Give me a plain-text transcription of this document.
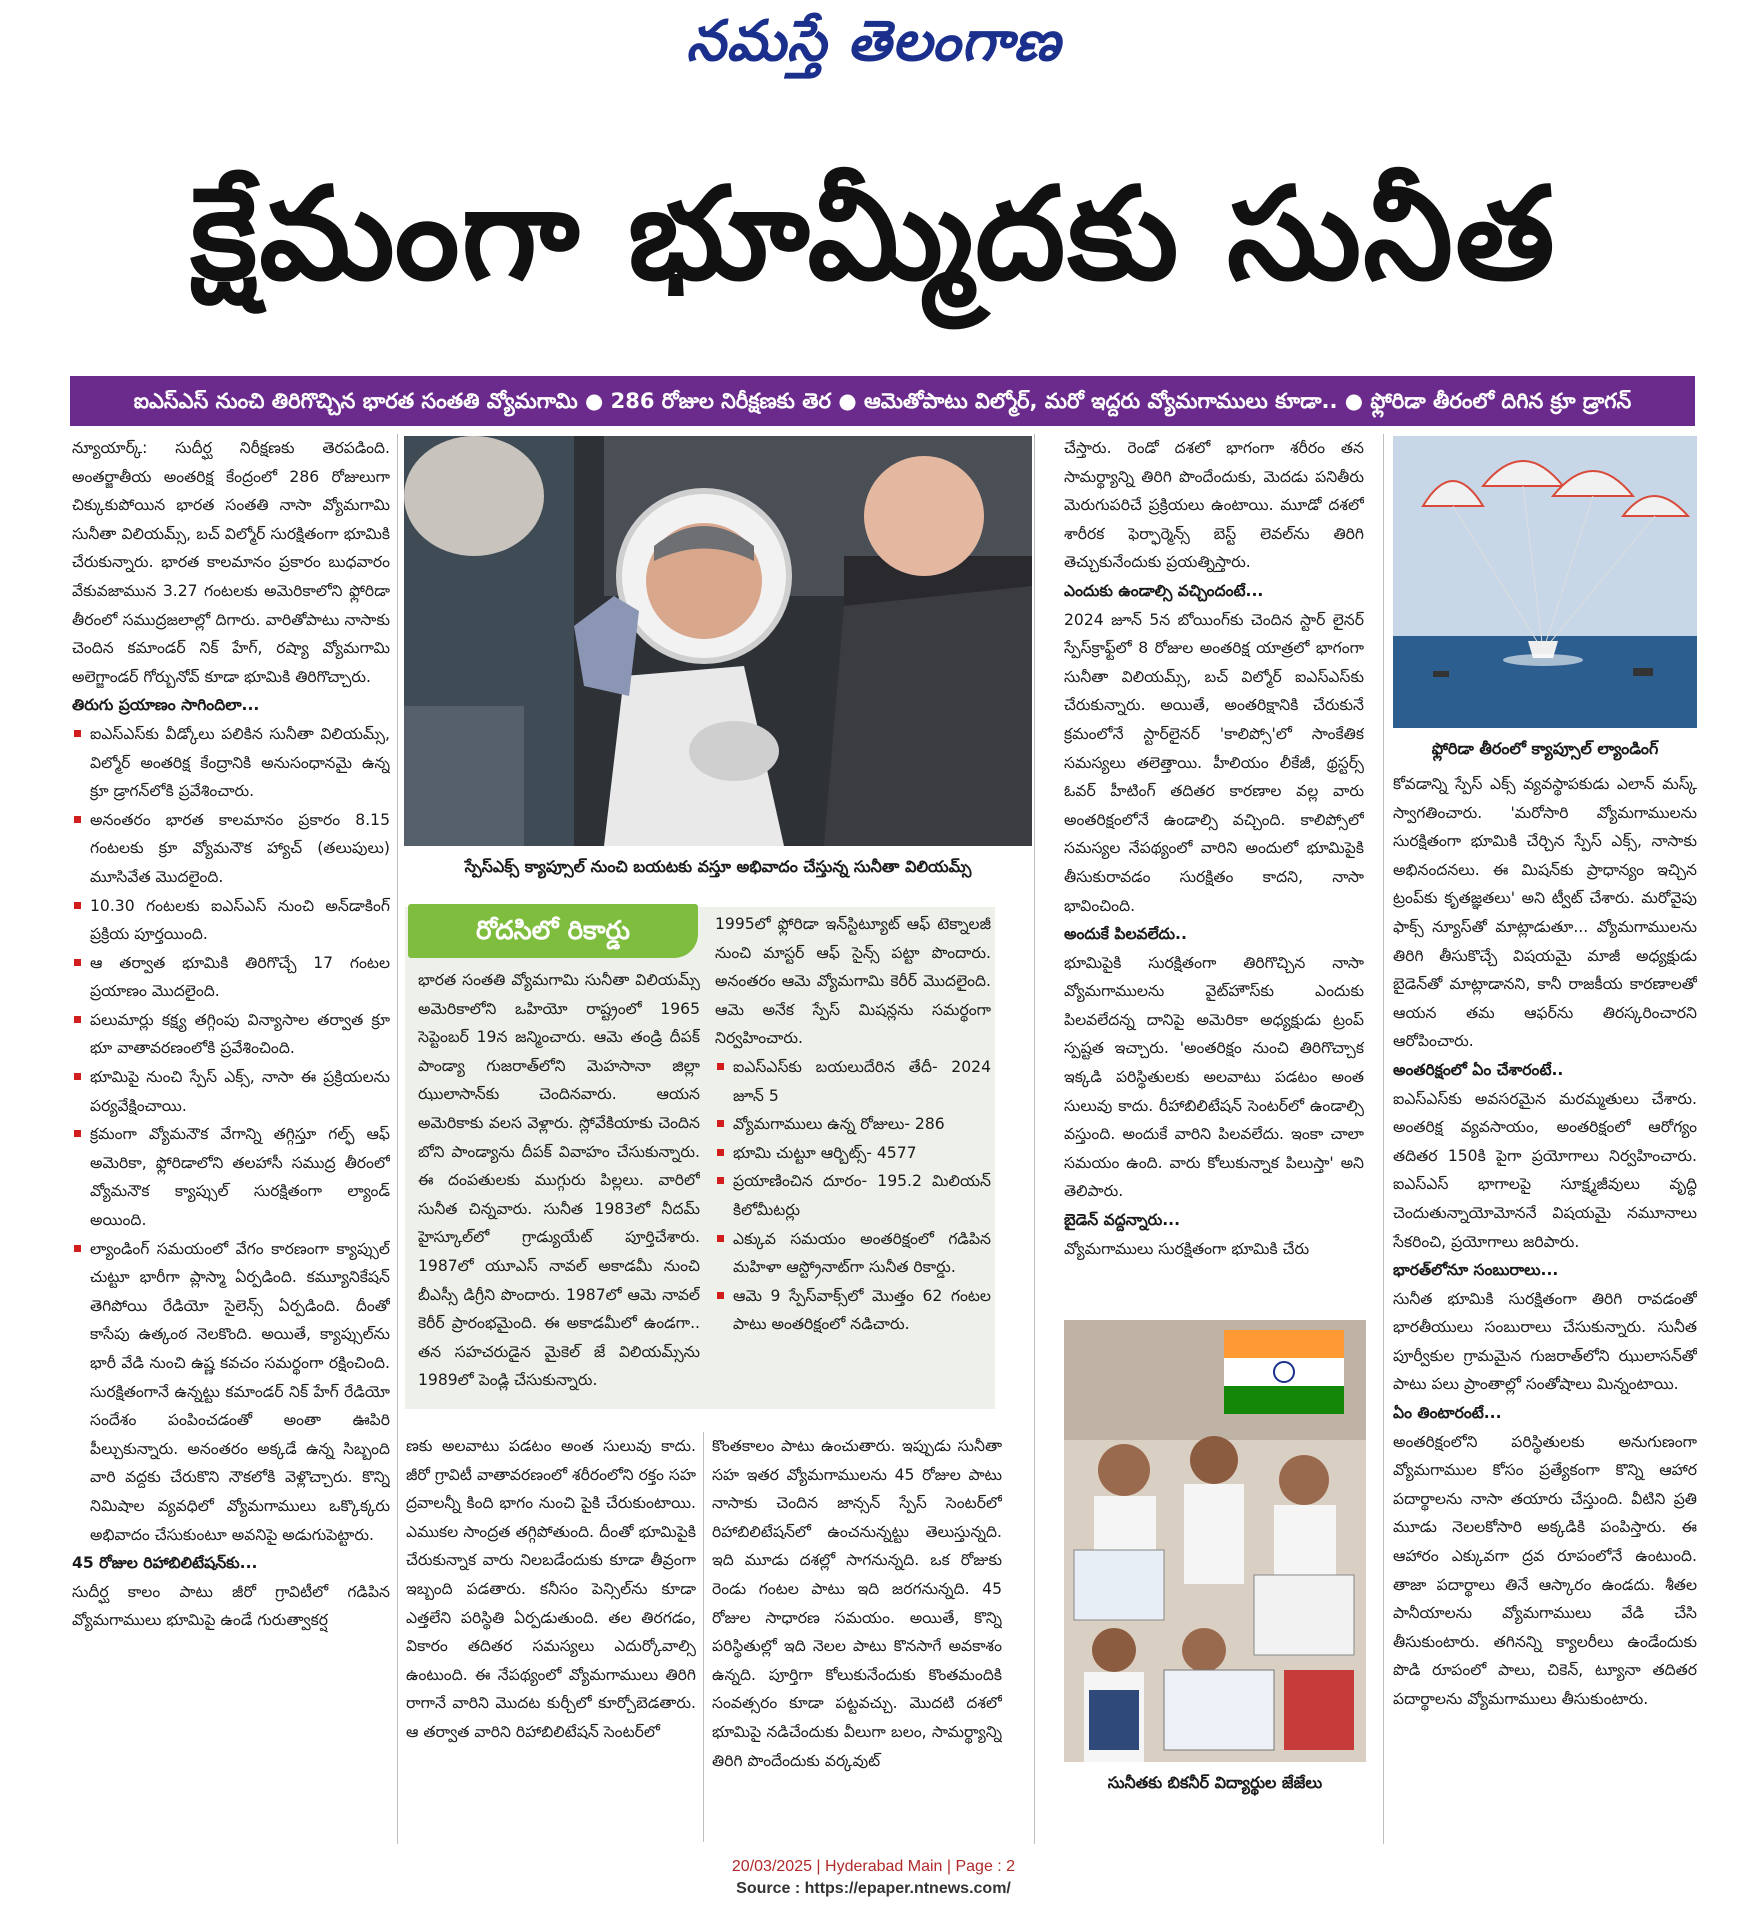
నమస్తే తెలంగాణ
క్షేమంగా భూమ్మీదకు సునీత
ఐఎస్ఎస్ నుంచి తిరిగొచ్చిన భారత సంతతి వ్యోమగామి ● 286 రోజుల నిరీక్షణకు తెర ● ఆమెతోపాటు విల్మోర్, మరో ఇద్దరు వ్యోమగాములు కూడా.. ● ఫ్లోరిడా తీరంలో దిగిన క్రూ డ్రాగన్

న్యూయార్క్: సుదీర్ఘ నిరీక్షణకు తెరపడింది. అంతర్జాతీయ అంతరిక్ష కేంద్రంలో 286 రోజులుగా చిక్కుకుపోయిన భారత సంతతి నాసా వ్యోమగామి సునీతా విలియమ్స్, బచ్ విల్మోర్ సురక్షితంగా భూమికి చేరుకున్నారు. భారత కాలమానం ప్రకారం బుధవారం వేకువజామున 3.27 గంటలకు అమెరికాలోని ఫ్లోరిడా తీరంలో సముద్రజలాల్లో దిగారు. వారితోపాటు నాసాకు చెందిన కమాండర్ నిక్ హేగ్, రష్యా వ్యోమగామి అలెగ్జాండర్ గోర్బునోవ్ కూడా భూమికి తిరిగొచ్చారు.

తిరుగు ప్రయాణం సాగిందిలా...

ఐఎస్ఎస్‌కు వీడ్కోలు పలికిన సునీతా విలియమ్స్, విల్మోర్ అంతరిక్ష కేంద్రానికి అనుసంధానమై ఉన్న క్రూ డ్రాగన్‌లోకి ప్రవేశించారు.

అనంతరం భారత కాలమానం ప్రకారం 8.15 గంటలకు క్రూ వ్యోమనౌక హ్యాచ్ (తలుపులు) మూసివేత మొదలైంది.

10.30 గంటలకు ఐఎస్ఎస్ నుంచి అన్‌డాకింగ్ ప్రక్రియ పూర్తయింది.

ఆ తర్వాత భూమికి తిరిగొచ్చే 17 గంటల ప్రయాణం మొదలైంది.

పలుమార్లు కక్ష్య తగ్గింపు విన్యాసాల తర్వాత క్రూ భూ వాతావరణంలోకి ప్రవేశించింది.

భూమిపై నుంచి స్పేస్ ఎక్స్, నాసా ఈ ప్రక్రియలను పర్యవేక్షించాయి.

క్రమంగా వ్యోమనౌక వేగాన్ని తగ్గిస్తూ గల్ఫ్ ఆఫ్ అమెరికా, ఫ్లోరిడాలోని తలహాసీ సముద్ర తీరంలో వ్యోమనౌక క్యాప్సుల్ సురక్షితంగా ల్యాండ్ అయింది.

ల్యాండింగ్ సమయంలో వేగం కారణంగా క్యాప్సుల్ చుట్టూ భారీగా ప్లాస్మా ఏర్పడింది. కమ్యూనికేషన్ తెగిపోయి రేడియో సైలెన్స్ ఏర్పడింది. దీంతో కాసేపు ఉత్కంఠ నెలకొంది. అయితే, క్యాప్సుల్‌ను భారీ వేడి నుంచి ఉష్ణ కవచం సమర్థంగా రక్షించింది. సురక్షితంగానే ఉన్నట్టు కమాండర్ నిక్ హేగ్ రేడియో సందేశం పంపించడంతో అంతా ఊపిరి పీల్చుకున్నారు. అనంతరం అక్కడే ఉన్న సిబ్బంది వారి వద్దకు చేరుకొని నౌకలోకి వెళ్లొచ్చారు. కొన్ని నిమిషాల వ్యవధిలో వ్యోమగాములు ఒక్కొక్కరు అభివాదం చేసుకుంటూ అవనిపై అడుగుపెట్టారు.

45 రోజుల రిహాబిలిటేషన్‌కు...

సుదీర్ఘ కాలం పాటు జీరో గ్రావిటీలో గడిపిన వ్యోమగాములు భూమిపై ఉండే గురుత్వాకర్ష

స్పేస్ఎక్స్ క్యాప్సూల్ నుంచి బయటకు వస్తూ అభివాదం చేస్తున్న సునీతా విలియమ్స్
రోదసిలో రికార్డు

భారత సంతతి వ్యోమగామి సునీతా విలియమ్స్ అమెరికాలోని ఒహియో రాష్ట్రంలో 1965 సెప్టెంబర్ 19న జన్మించారు. ఆమె తండ్రి దీపక్ పాండ్యా గుజరాత్‌లోని మెహసానా జిల్లా ఝులాసాన్‌కు చెందినవారు. ఆయన అమెరికాకు వలస వెళ్లారు. స్లోవేకియాకు చెందిన బోని పాండ్యాను దీపక్ వివాహం చేసుకున్నారు. ఈ దంపతులకు ముగ్గురు పిల్లలు. వారిలో సునీత చిన్నవారు. సునీత 1983లో నీదమ్ హైస్కూల్‌లో గ్రాడ్యుయేట్ పూర్తిచేశారు. 1987లో యూఎస్ నావల్ అకాడమీ నుంచి బీఎస్సీ డిగ్రీని పొందారు. 1987లో ఆమె నావల్ కెరీర్ ప్రారంభమైంది. ఈ అకాడమీలో ఉండగా.. తన సహచరుడైన మైకెల్ జే విలియమ్స్‌ను 1989లో పెండ్లి చేసుకున్నారు.

1995లో ఫ్లోరిడా ఇన్‌స్టిట్యూట్ ఆఫ్ టెక్నాలజీ నుంచి మాస్టర్ ఆఫ్ సైన్స్ పట్టా పొందారు. అనంతరం ఆమె వ్యోమగామి కెరీర్ మొదలైంది. ఆమె అనేక స్పేస్ మిషన్లను సమర్థంగా నిర్వహించారు.

ఐఎస్ఎస్‌కు బయలుదేరిన తేదీ- 2024 జూన్ 5

వ్యోమగాములు ఉన్న రోజులు- 286

భూమి చుట్టూ ఆర్బిట్స్- 4577

ప్రయాణించిన దూరం- 195.2 మిలియన్ కిలోమీటర్లు

ఎక్కువ సమయం అంతరిక్షంలో గడిపిన మహిళా ఆస్ట్రోనాట్‌గా సునీత రికార్డు.

ఆమె 9 స్పేస్‌వాక్స్‌లో మొత్తం 62 గంటల పాటు అంతరిక్షంలో నడిచారు.

ణకు అలవాటు పడటం అంత సులువు కాదు. జీరో గ్రావిటీ వాతావరణంలో శరీరంలోని రక్తం సహ ద్రవాలన్నీ కింది భాగం నుంచి పైకి చేరుకుంటాయి. ఎముకల సాంద్రత తగ్గిపోతుంది. దీంతో భూమిపైకి చేరుకున్నాక వారు నిలబడేందుకు కూడా తీవ్రంగా ఇబ్బంది పడతారు. కనీసం పెన్సిల్‌ను కూడా ఎత్తలేని పరిస్థితి ఏర్పడుతుంది. తల తిరగడం, వికారం తదితర సమస్యలు ఎదుర్కోవాల్సి ఉంటుంది. ఈ నేపథ్యంలో వ్యోమగాములు తిరిగి రాగానే వారిని మొదట కుర్చీలో కూర్చోబెడతారు. ఆ తర్వాత వారిని రిహాబిలిటేషన్ సెంటర్‌లో

కొంతకాలం పాటు ఉంచుతారు. ఇప్పుడు సునీతా సహ ఇతర వ్యోమగాములను 45 రోజుల పాటు నాసాకు చెందిన జాన్సన్ స్పేస్ సెంటర్‌లో రిహాబిలిటేషన్‌లో ఉంచనున్నట్టు తెలుస్తున్నది. ఇది మూడు దశల్లో సాగనున్నది. ఒక రోజుకు రెండు గంటల పాటు ఇది జరగనున్నది. 45 రోజుల సాధారణ సమయం. అయితే, కొన్ని పరిస్థితుల్లో ఇది నెలల పాటు కొనసాగే అవకాశం ఉన్నది. పూర్తిగా కోలుకునేందుకు కొంతమందికి సంవత్సరం కూడా పట్టవచ్చు. మొదటి దశలో భూమిపై నడిచేందుకు వీలుగా బలం, సామర్థ్యాన్ని తిరిగి పొందేందుకు వర్కవుట్

చేస్తారు. రెండో దశలో భాగంగా శరీరం తన సామర్థ్యాన్ని తిరిగి పొందేందుకు, మెదడు పనితీరు మెరుగుపరిచే ప్రక్రియలు ఉంటాయి. మూడో దశలో శారీరక ఫెర్ఫార్మెన్స్ బెస్ట్ లెవల్‌ను తిరిగి తెచ్చుకునేందుకు ప్రయత్నిస్తారు.

ఎందుకు ఉండాల్సి వచ్చిందంటే...

2024 జూన్ 5న బోయింగ్‌కు చెందిన స్టార్ లైనర్ స్పేస్‌క్రాఫ్ట్‌లో 8 రోజుల అంతరిక్ష యాత్రలో భాగంగా సునీతా విలియమ్స్, బచ్ విల్మోర్ ఐఎస్ఎస్‌కు చేరుకున్నారు. అయితే, అంతరిక్షానికి చేరుకునే క్రమంలోనే స్టార్‌లైనర్ 'కాలిప్సో'లో సాంకేతిక సమస్యలు తలెత్తాయి. హీలియం లీకేజీ, థ్రస్టర్స్ ఓవర్ హీటింగ్ తదితర కారణాల వల్ల వారు అంతరిక్షంలోనే ఉండాల్సి వచ్చింది. కాలిప్సోలో సమస్యల నేపథ్యంలో వారిని అందులో భూమిపైకి తీసుకురావడం సురక్షితం కాదని, నాసా భావించింది.

అందుకే పిలవలేదు..

భూమిపైకి సురక్షితంగా తిరిగొచ్చిన నాసా వ్యోమగాములను వైట్‌హౌస్‌కు ఎందుకు పిలవలేదన్న దానిపై అమెరికా అధ్యక్షుడు ట్రంప్ స్పష్టత ఇచ్చారు. 'అంతరిక్షం నుంచి తిరిగొచ్చాక ఇక్కడి పరిస్థితులకు అలవాటు పడటం అంత సులువు కాదు. రీహాబిలిటేషన్ సెంటర్‌లో ఉండాల్సి వస్తుంది. అందుకే వారిని పిలవలేదు. ఇంకా చాలా సమయం ఉంది. వారు కోలుకున్నాక పిలుస్తా' అని తెలిపారు.

బైడెన్ వద్దన్నారు...

వ్యోమగాములు సురక్షితంగా భూమికి చేరు

సునీతకు బికనీర్ విద్యార్థుల జేజేలు
ఫ్లోరిడా తీరంలో క్యాప్సూల్ ల్యాండింగ్

కోవడాన్ని స్పేస్ ఎక్స్ వ్యవస్థాపకుడు ఎలాన్ మస్క్ స్వాగతించారు. 'మరోసారి వ్యోమగాములను సురక్షితంగా భూమికి చేర్చిన స్పేస్ ఎక్స్, నాసాకు అభినందనలు. ఈ మిషన్‌కు ప్రాధాన్యం ఇచ్చిన ట్రంప్‌కు కృతజ్ఞతలు' అని ట్వీట్ చేశారు. మరోవైపు ఫాక్స్ న్యూస్‌తో మాట్లాడుతూ... వ్యోమగాములను తిరిగి తీసుకొచ్చే విషయమై మాజీ అధ్యక్షుడు బైడెన్‌తో మాట్లాడానని, కానీ రాజకీయ కారణాలతో ఆయన తమ ఆఫర్‌ను తిరస్కరించారని ఆరోపించారు.

అంతరిక్షంలో ఏం చేశారంటే..

ఐఎస్ఎస్‌కు అవసరమైన మరమ్మతులు చేశారు. అంతరిక్ష వ్యవసాయం, అంతరిక్షంలో ఆరోగ్యం తదితర 150కి పైగా ప్రయోగాలు నిర్వహించారు. ఐఎస్ఎస్ భాగాలపై సూక్ష్మజీవులు వృద్ధి చెందుతున్నాయోమోననే విషయమై నమూనాలు సేకరించి, ప్రయోగాలు జరిపారు.

భారత్‌లోనూ సంబురాలు...

సునీత భూమికి సురక్షితంగా తిరిగి రావడంతో భారతీయులు సంబురాలు చేసుకున్నారు. సునీత పూర్వీకుల గ్రామమైన గుజరాత్‌లోని ఝులాసన్‌తో పాటు పలు ప్రాంతాల్లో సంతోషాలు మిన్నంటాయి.

ఏం తింటారంటే...

అంతరిక్షంలోని పరిస్థితులకు అనుగుణంగా వ్యోమగాముల కోసం ప్రత్యేకంగా కొన్ని ఆహార పదార్థాలను నాసా తయారు చేస్తుంది. వీటిని ప్రతి మూడు నెలలకోసారి అక్కడికి పంపిస్తారు. ఈ ఆహారం ఎక్కువగా ద్రవ రూపంలోనే ఉంటుంది. తాజా పదార్థాలు తినే ఆస్కారం ఉండదు. శీతల పానీయాలను వ్యోమగాములు వేడి చేసి తీసుకుంటారు. తగినన్ని క్యాలరీలు ఉండేందుకు పొడి రూపంలో పాలు, చికెన్, ట్యూనా తదితర పదార్థాలను వ్యోమగాములు తీసుకుంటారు.

20/03/2025 | Hyderabad Main | Page : 2
Source : https://epaper.ntnews.com/
